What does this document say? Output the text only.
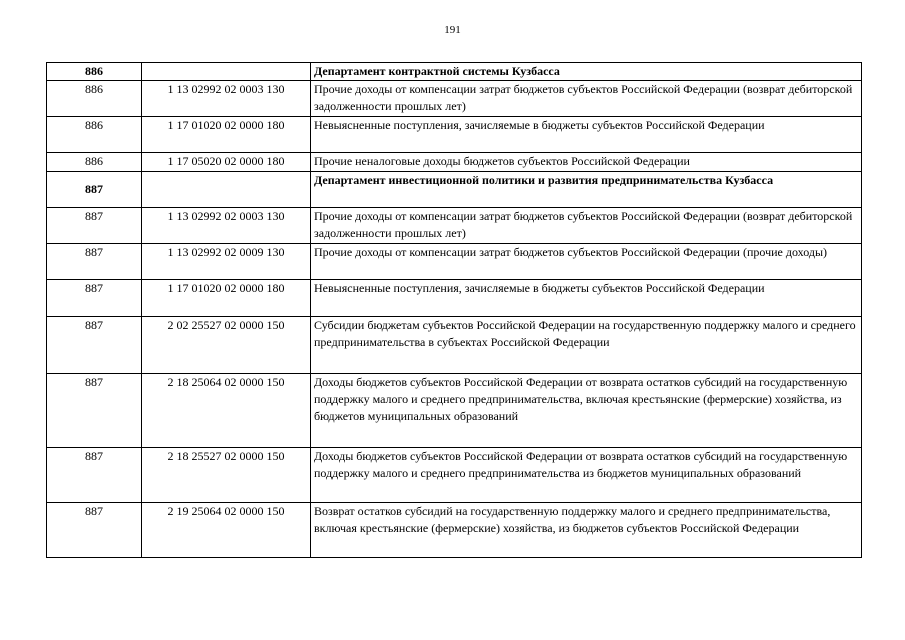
191
886		Департамент контрактной системы Кузбасса
886	1 13 02992 02 0003 130	Прочие доходы от компенсации затрат бюджетов субъектов Российской Федерации (возврат дебиторской задолженности прошлых лет)
886	1 17 01020 02 0000 180	Невыясненные поступления, зачисляемые в бюджеты субъектов Российской Федерации
886	1 17 05020 02 0000 180	Прочие неналоговые доходы бюджетов субъектов Российской Федерации
887		Департамент инвестиционной политики и развития предпринимательства Кузбасса
887	1 13 02992 02 0003 130	Прочие доходы от компенсации затрат бюджетов субъектов Российской Федерации (возврат дебиторской задолженности прошлых лет)
887	1 13 02992 02 0009 130	Прочие доходы от компенсации затрат бюджетов субъектов Российской Федерации (прочие доходы)
887	1 17 01020 02 0000 180	Невыясненные поступления, зачисляемые в бюджеты субъектов Российской Федерации
887	2 02 25527 02 0000 150	Субсидии бюджетам субъектов Российской Федерации на государственную поддержку малого и среднего предпринимательства в субъектах Российской Федерации
887	2 18 25064 02 0000 150	Доходы бюджетов субъектов Российской Федерации от возврата остатков субсидий на государственную поддержку малого и среднего предпринимательства, включая крестьянские (фермерские) хозяйства, из бюджетов муниципальных образований
887	2 18 25527 02 0000 150	Доходы бюджетов субъектов Российской Федерации от возврата остатков субсидий на государственную поддержку малого и среднего предпринимательства из бюджетов муниципальных образований
887	2 19 25064 02 0000 150	Возврат остатков субсидий на государственную поддержку малого и среднего предпринимательства, включая крестьянские (фермерские) хозяйства, из бюджетов субъектов Российской Федерации
